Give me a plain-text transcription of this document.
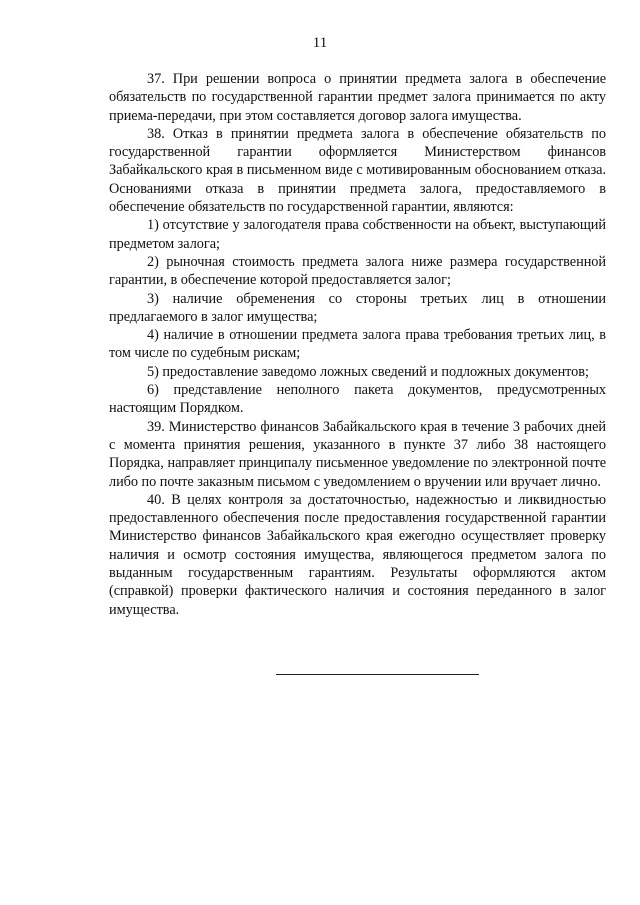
11

37. При решении вопроса о принятии предмета залога в обеспечение обязательств по государственной гарантии предмет залога принимается по акту приема-передачи, при этом составляется договор залога имущества.

38. Отказ в принятии предмета залога в обеспечение обязательств по государственной гарантии оформляется Министерством финансов Забайкальского края в письменном виде с мотивированным обоснованием отказа. Основаниями отказа в принятии предмета залога, предоставляемого в обеспечение обязательств по государственной гарантии, являются:

1) отсутствие у залогодателя права собственности на объект, выступающий предметом залога;

2) рыночная стоимость предмета залога ниже размера государственной гарантии, в обеспечение которой предоставляется залог;

3) наличие обременения со стороны третьих лиц в отношении предлагаемого в залог имущества;

4) наличие в отношении предмета залога права требования третьих лиц, в том числе по судебным рискам;

5) предоставление заведомо ложных сведений и подложных документов;

6) представление неполного пакета документов, предусмотренных настоящим Порядком.

39. Министерство финансов Забайкальского края в течение 3 рабочих дней с момента принятия решения, указанного в пункте 37 либо 38 настоящего Порядка, направляет принципалу письменное уведомление по электронной почте либо по почте заказным письмом с уведомлением о вручении или вручает лично.

40. В целях контроля за достаточностью, надежностью и ликвидностью предоставленного обеспечения после предоставления государственной гарантии Министерство финансов Забайкальского края ежегодно осуществляет проверку наличия и осмотр состояния имущества, являющегося предметом залога по выданным государственным гарантиям. Результаты оформляются актом (справкой) проверки фактического наличия и состояния переданного в залог имущества.
